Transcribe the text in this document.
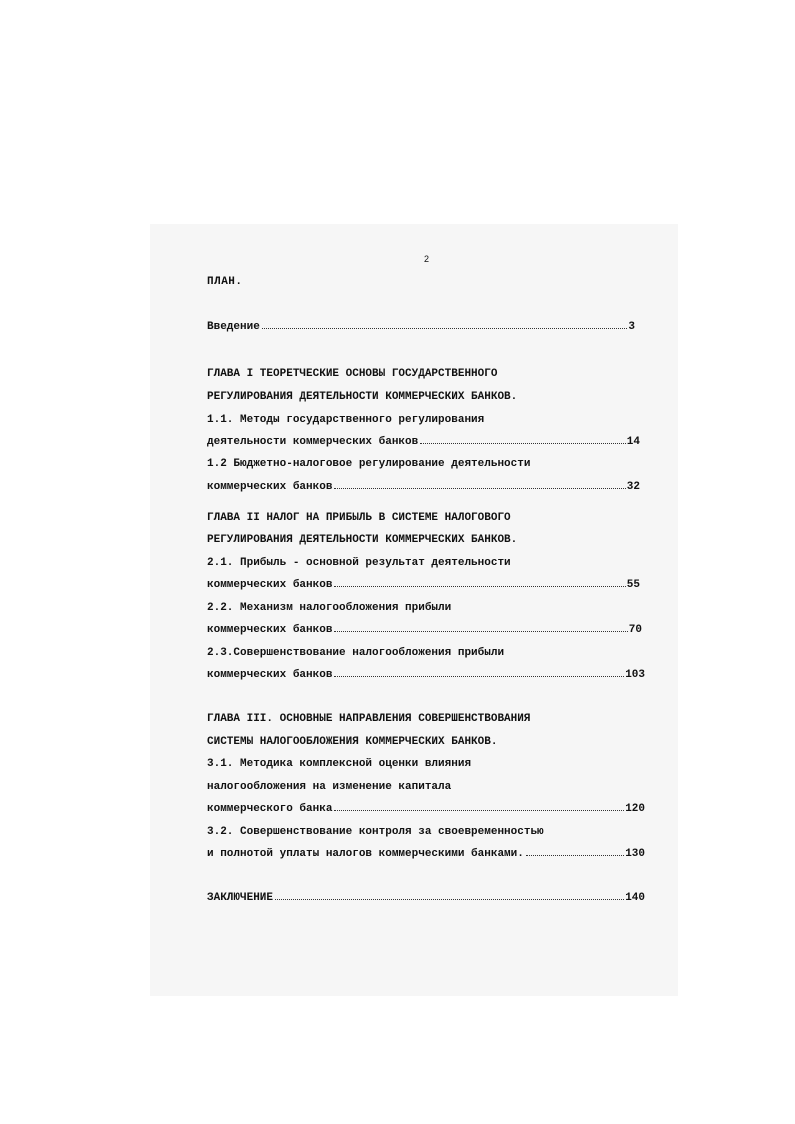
2
ПЛАН.
Введение	3
ГЛАВА I ТЕОРЕТЧЕСКИЕ ОСНОВЫ ГОСУДАРСТВЕННОГО
РЕГУЛИРОВАНИЯ ДЕЯТЕЛЬНОСТИ КОММЕРЧЕСКИХ БАНКОВ.
1.1. Методы государственного регулирования
деятельности коммерческих банков	14
1.2 Бюджетно-налоговое регулирование деятельности
коммерческих банков	32
ГЛАВА II НАЛОГ НА ПРИБЫЛЬ В СИСТЕМЕ НАЛОГОВОГО
РЕГУЛИРОВАНИЯ ДЕЯТЕЛЬНОСТИ КОММЕРЧЕСКИХ БАНКОВ.
2.1. Прибыль - основной результат деятельности
коммерческих банков	55
2.2. Механизм налогообложения прибыли
коммерческих банков	70
2.3.Совершенствование налогообложения прибыли
коммерческих банков	103
ГЛАВА III. ОСНОВНЫЕ НАПРАВЛЕНИЯ СОВЕРШЕНСТВОВАНИЯ
СИСТЕМЫ НАЛОГООБЛОЖЕНИЯ КОММЕРЧЕСКИХ БАНКОВ.
3.1. Методика комплексной оценки влияния
налогообложения на изменение капитала
коммерческого банка	120
3.2. Совершенствование контроля за своевременностью
и полнотой уплаты налогов коммерческими банками.	130
ЗАКЛЮЧЕНИЕ	140
